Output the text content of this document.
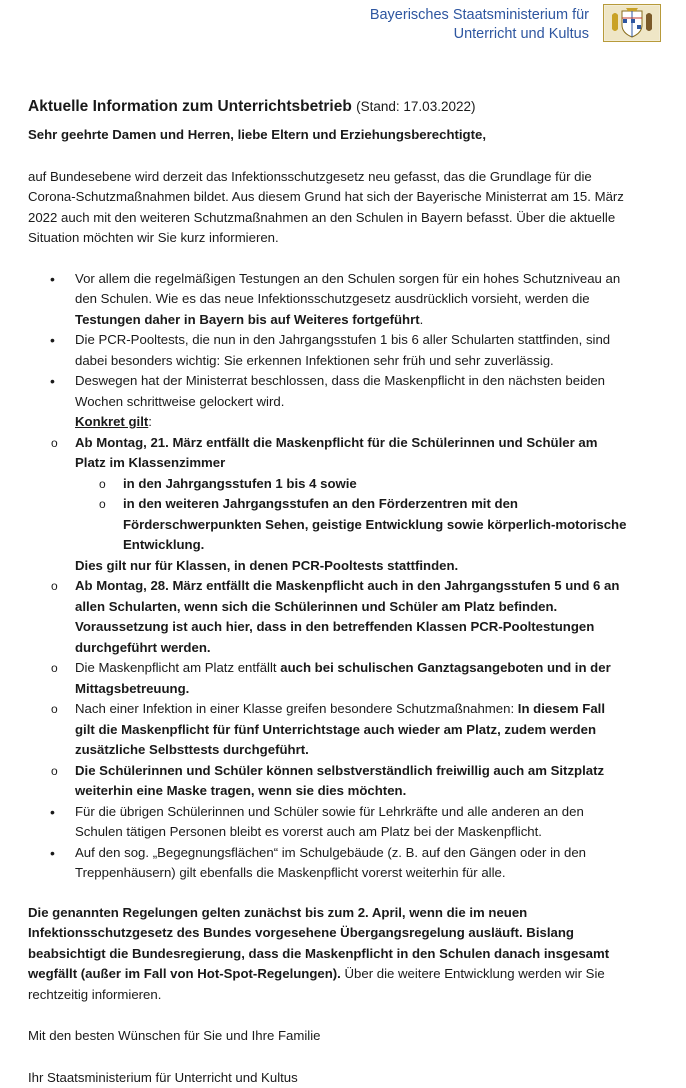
Bayerisches Staatsministerium für
Unterricht und Kultus
Aktuelle Information zum Unterrichtsbetrieb (Stand: 17.03.2022)

Sehr geehrte Damen und Herren, liebe Eltern und Erziehungsberechtigte,

auf Bundesebene wird derzeit das Infektionsschutzgesetz neu gefasst, das die Grundlage für die Corona-Schutzmaßnahmen bildet. Aus diesem Grund hat sich der Bayerische Ministerrat am 15. März 2022 auch mit den weiteren Schutzmaßnahmen an den Schulen in Bayern befasst. Über die aktuelle Situation möchten wir Sie kurz informieren.

• Vor allem die regelmäßigen Testungen an den Schulen sorgen für ein hohes Schutzniveau an den Schulen. Wie es das neue Infektionsschutzgesetz ausdrücklich vorsieht, werden die Testungen daher in Bayern bis auf Weiteres fortgeführt.
• Die PCR-Pooltests, die nun in den Jahrgangsstufen 1 bis 6 aller Schularten stattfinden, sind dabei besonders wichtig: Sie erkennen Infektionen sehr früh und sehr zuverlässig.
• Deswegen hat der Ministerrat beschlossen, dass die Maskenpflicht in den nächsten beiden Wochen schrittweise gelockert wird.
Konkret gilt:
o Ab Montag, 21. März entfällt die Maskenpflicht für die Schülerinnen und Schüler am Platz im Klassenzimmer
o in den Jahrgangsstufen 1 bis 4 sowie
o in den weiteren Jahrgangsstufen an den Förderzentren mit den Förderschwerpunkten Sehen, geistige Entwicklung sowie körperlich-motorische Entwicklung.
Dies gilt nur für Klassen, in denen PCR-Pooltests stattfinden.
o Ab Montag, 28. März entfällt die Maskenpflicht auch in den Jahrgangsstufen 5 und 6 an allen Schularten, wenn sich die Schülerinnen und Schüler am Platz befinden. Voraussetzung ist auch hier, dass in den betreffenden Klassen PCR-Pooltestungen durchgeführt werden.
o Die Maskenpflicht am Platz entfällt auch bei schulischen Ganztagsangeboten und in der Mittagsbetreuung.
o Nach einer Infektion in einer Klasse greifen besondere Schutzmaßnahmen: In diesem Fall gilt die Maskenpflicht für fünf Unterrichtstage auch wieder am Platz, zudem werden zusätzliche Selbsttests durchgeführt.
o Die Schülerinnen und Schüler können selbstverständlich freiwillig auch am Sitzplatz weiterhin eine Maske tragen, wenn sie dies möchten.
• Für die übrigen Schülerinnen und Schüler sowie für Lehrkräfte und alle anderen an den Schulen tätigen Personen bleibt es vorerst auch am Platz bei der Maskenpflicht.
• Auf den sog. „Begegnungsflächen“ im Schulgebäude (z. B. auf den Gängen oder in den Treppenhäusern) gilt ebenfalls die Maskenpflicht vorerst weiterhin für alle.

Die genannten Regelungen gelten zunächst bis zum 2. April, wenn die im neuen Infektionsschutzgesetz des Bundes vorgesehene Übergangsregelung ausläuft. Bislang beabsichtigt die Bundesregierung, dass die Maskenpflicht in den Schulen danach insgesamt wegfällt (außer im Fall von Hot-Spot-Regelungen). Über die weitere Entwicklung werden wir Sie rechtzeitig informieren.

Mit den besten Wünschen für Sie und Ihre Familie

Ihr Staatsministerium für Unterricht und Kultus
